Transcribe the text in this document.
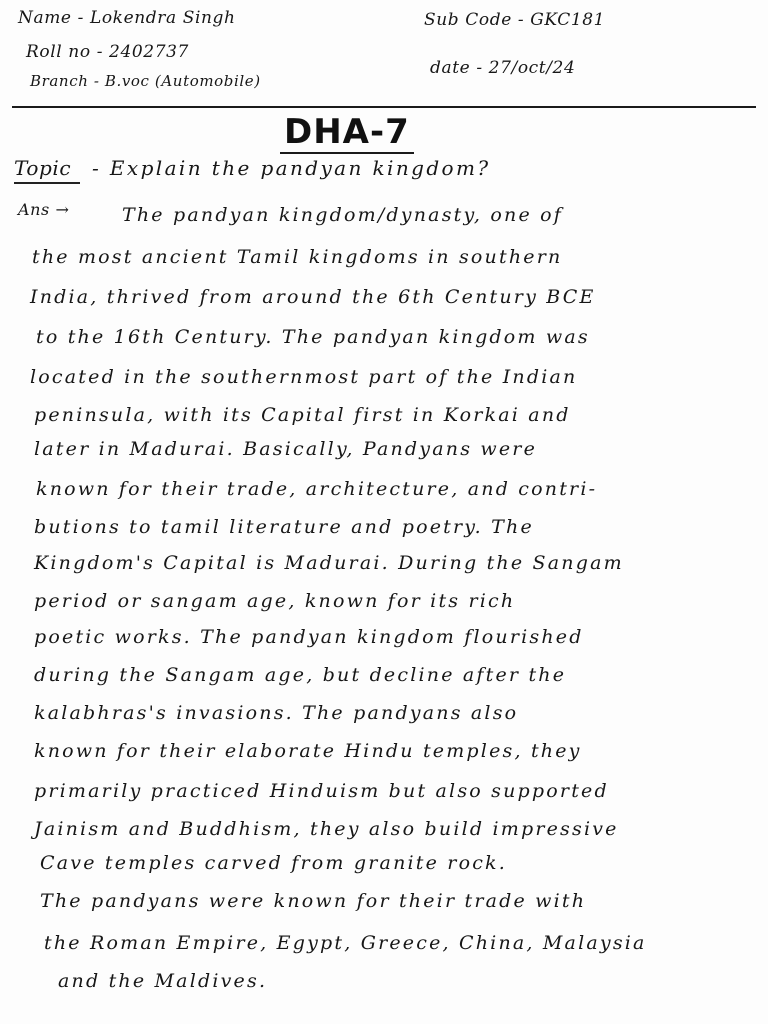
Name - Lokendra Singh
Roll no - 2402737
Branch - B.voc (Automobile)
Sub Code - GKC181
date - 27/oct/24
DHA-7
Topic - Explain the pandyan kingdom?
Ans →	The pandyan kingdom/dynasty, one of
the most ancient Tamil kingdoms in southern
India, thrived from around the 6th Century BCE
to the 16th Century. The pandyan kingdom was
located in the southernmost part of the Indian
peninsula, with its Capital first in Korkai and
later in Madurai. Basically, Pandyans were
known for their trade, architecture, and contri-
butions to tamil literature and poetry. The
Kingdom's Capital is Madurai. During the Sangam
period or sangam age, known for its rich
poetic works. The pandyan kingdom flourished
during the Sangam age, but decline after the
kalabhras's invasions. The pandyans also
known for their elaborate Hindu temples, they
primarily practiced Hinduism but also supported
Jainism and Buddhism, they also build impressive
Cave temples carved from granite rock.
The pandyans were known for their trade with
the Roman Empire, Egypt, Greece, China, Malaysia
and the Maldives.
